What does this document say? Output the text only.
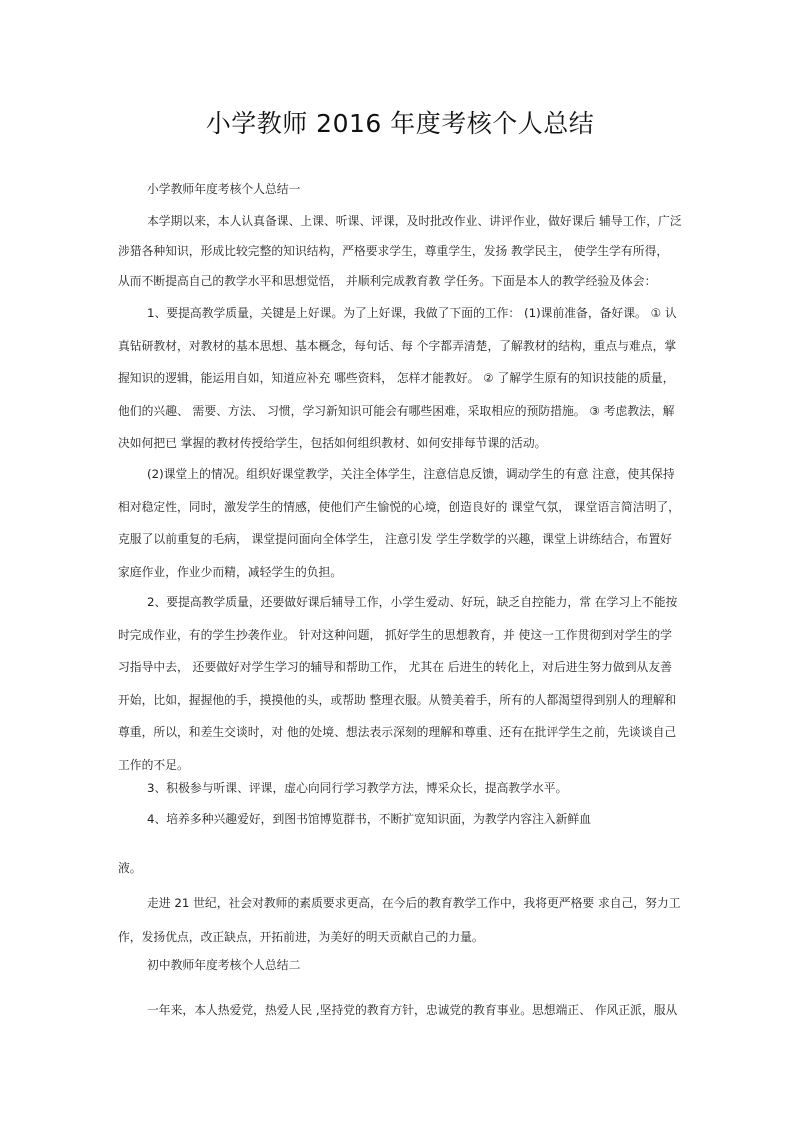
小学教师 2016 年度考核个人总结
小学教师年度考核个人总结一
本学期以来，本人认真备课、上课、听课、评课，及时批改作业、讲评作业，做好课后 辅导工作，广泛
涉猎各种知识，形成比较完整的知识结构，严格要求学生，尊重学生，发扬 教学民主， 使学生学有所得，
从而不断提高自己的教学水平和思想觉悟， 并顺利完成教育教 学任务。下面是本人的教学经验及体会：
1、要提高教学质量，关键是上好课。为了上好课，我做了下面的工作： (1)课前准备，备好课。 ① 认
真钻研教材，对教材的基本思想、基本概念，每句话、每 个字都弄清楚，了解教材的结构，重点与难点，掌
握知识的逻辑，能运用自如，知道应补充 哪些资料， 怎样才能教好。 ② 了解学生原有的知识技能的质量，
他们的兴趣、 需要、方法、 习惯，学习新知识可能会有哪些困难，采取相应的预防措施。 ③ 考虑教法，解
决如何把已 掌握的教材传授给学生，包括如何组织教材、如何安排每节课的活动。
(2)课堂上的情况。组织好课堂教学，关注全体学生，注意信息反馈，调动学生的有意 注意，使其保持
相对稳定性，同时，激发学生的情感，使他们产生愉悦的心境，创造良好的 课堂气氛， 课堂语言简洁明了，
克服了以前重复的毛病， 课堂提问面向全体学生， 注意引发 学生学数学的兴趣，课堂上讲练结合，布置好
家庭作业，作业少而精，减轻学生的负担。
2、要提高教学质量，还要做好课后辅导工作，小学生爱动、好玩，缺乏自控能力，常 在学习上不能按
时完成作业，有的学生抄袭作业。 针对这种问题， 抓好学生的思想教育，并 使这一工作贯彻到对学生的学
习指导中去， 还要做好对学生学习的辅导和帮助工作， 尤其在 后进生的转化上，对后进生努力做到从友善
开始，比如，握握他的手，摸摸他的头，或帮助 整理衣服。从赞美着手，所有的人都渴望得到别人的理解和
尊重，所以，和差生交谈时，对 他的处境、想法表示深刻的理解和尊重、还有在批评学生之前，先谈谈自己
工作的不足。
3、积极参与听课、评课，虚心向同行学习教学方法，博采众长，提高教学水平。
4、培养多种兴趣爱好，到图书馆博览群书，不断扩宽知识面，为教学内容注入新鲜血
液。
走进 21 世纪，社会对教师的素质要求更高，在今后的教育教学工作中，我将更严格要 求自己，努力工
作，发扬优点，改正缺点，开拓前进，为美好的明天贡献自己的力量。
初中教师年度考核个人总结二
一年来，本人热爱党，热爱人民 ,坚持党的教育方针，忠诚党的教育事业。思想端正、 作风正派，服从
